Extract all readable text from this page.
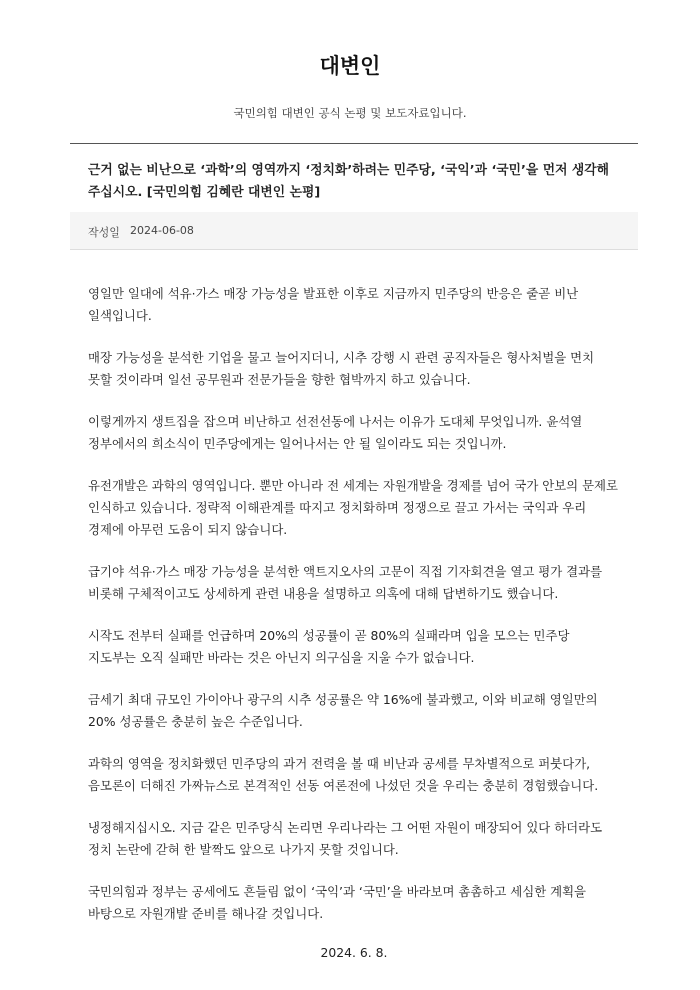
대변인
국민의힘 대변인 공식 논평 및 보도자료입니다.
근거 없는 비난으로 ‘과학’의 영역까지 ‘정치화’하려는 민주당, ‘국익’과 ‘국민’을 먼저 생각해 주십시오. [국민의힘 김혜란 대변인 논평]
작성일 2024-06-08

영일만 일대에 석유·가스 매장 가능성을 발표한 이후로 지금까지 민주당의 반응은 줄곧 비난 일색입니다.

매장 가능성을 분석한 기업을 물고 늘어지더니, 시추 강행 시 관련 공직자들은 형사처벌을 면치 못할 것이라며 일선 공무원과 전문가들을 향한 협박까지 하고 있습니다.

이렇게까지 생트집을 잡으며 비난하고 선전선동에 나서는 이유가 도대체 무엇입니까. 윤석열 정부에서의 희소식이 민주당에게는 일어나서는 안 될 일이라도 되는 것입니까.

유전개발은 과학의 영역입니다. 뿐만 아니라 전 세계는 자원개발을 경제를 넘어 국가 안보의 문제로 인식하고 있습니다. 정략적 이해관계를 따지고 정치화하며 정쟁으로 끌고 가서는 국익과 우리 경제에 아무런 도움이 되지 않습니다.

급기야 석유·가스 매장 가능성을 분석한 액트지오사의 고문이 직접 기자회견을 열고 평가 결과를 비롯해 구체적이고도 상세하게 관련 내용을 설명하고 의혹에 대해 답변하기도 했습니다.

시작도 전부터 실패를 언급하며 20%의 성공률이 곧 80%의 실패라며 입을 모으는 민주당 지도부는 오직 실패만 바라는 것은 아닌지 의구심을 지울 수가 없습니다.

금세기 최대 규모인 가이아나 광구의 시추 성공률은 약 16%에 불과했고, 이와 비교해 영일만의 20% 성공률은 충분히 높은 수준입니다.

과학의 영역을 정치화했던 민주당의 과거 전력을 볼 때 비난과 공세를 무차별적으로 퍼붓다가, 음모론이 더해진 가짜뉴스로 본격적인 선동 여론전에 나섰던 것을 우리는 충분히 경험했습니다.

냉정해지십시오. 지금 같은 민주당식 논리면 우리나라는 그 어떤 자원이 매장되어 있다 하더라도 정치 논란에 갇혀 한 발짝도 앞으로 나가지 못할 것입니다.

국민의힘과 정부는 공세에도 흔들림 없이 ‘국익’과 ‘국민’을 바라보며 촘촘하고 세심한 계획을 바탕으로 자원개발 준비를 해나갈 것입니다.

2024. 6. 8.
